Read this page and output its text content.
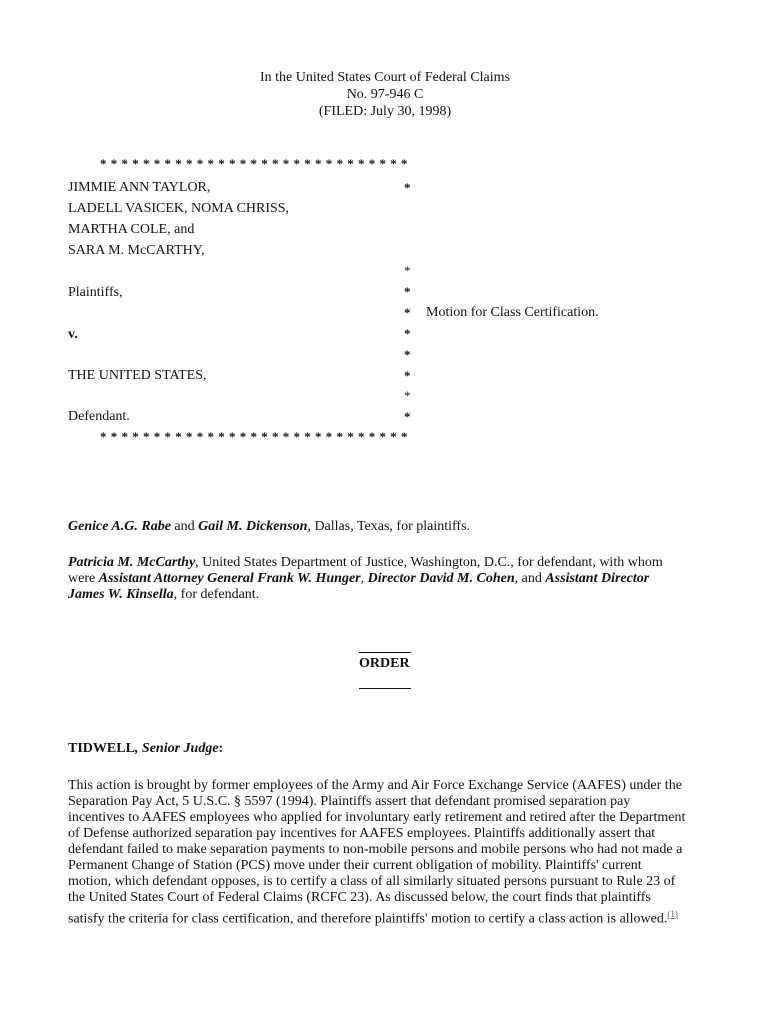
In the United States Court of Federal Claims
No. 97-946 C
(FILED: July 30, 1998)
* * * * * * * * * * * * * * * * * * * * * * * * * * * * *
JIMMIE ANN TAYLOR,
LADELL VASICEK, NOMA CHRISS,
MARTHA COLE, and
SARA M. McCARTHY,
Plaintiffs,
v.
THE UNITED STATES,
Defendant.
*
*
*
*
*
*
*
*
*
Motion for Class Certification.
* * * * * * * * * * * * * * * * * * * * * * * * * * * * *
Genice A.G. Rabe and Gail M. Dickenson, Dallas, Texas, for plaintiffs.
Patricia M. McCarthy, United States Department of Justice, Washington, D.C., for defendant, with whom were Assistant Attorney General Frank W. Hunger, Director David M. Cohen, and Assistant Director James W. Kinsella, for defendant.
ORDER
TIDWELL, Senior Judge:
This action is brought by former employees of the Army and Air Force Exchange Service (AAFES) under the Separation Pay Act, 5 U.S.C. § 5597 (1994). Plaintiffs assert that defendant promised separation pay incentives to AAFES employees who applied for involuntary early retirement and retired after the Department of Defense authorized separation pay incentives for AAFES employees. Plaintiffs additionally assert that defendant failed to make separation payments to non-mobile persons and mobile persons who had not made a Permanent Change of Station (PCS) move under their current obligation of mobility. Plaintiffs' current motion, which defendant opposes, is to certify a class of all similarly situated persons pursuant to Rule 23 of the United States Court of Federal Claims (RCFC 23). As discussed below, the court finds that plaintiffs satisfy the criteria for class certification, and therefore plaintiffs' motion to certify a class action is allowed.$^{(1)}$
